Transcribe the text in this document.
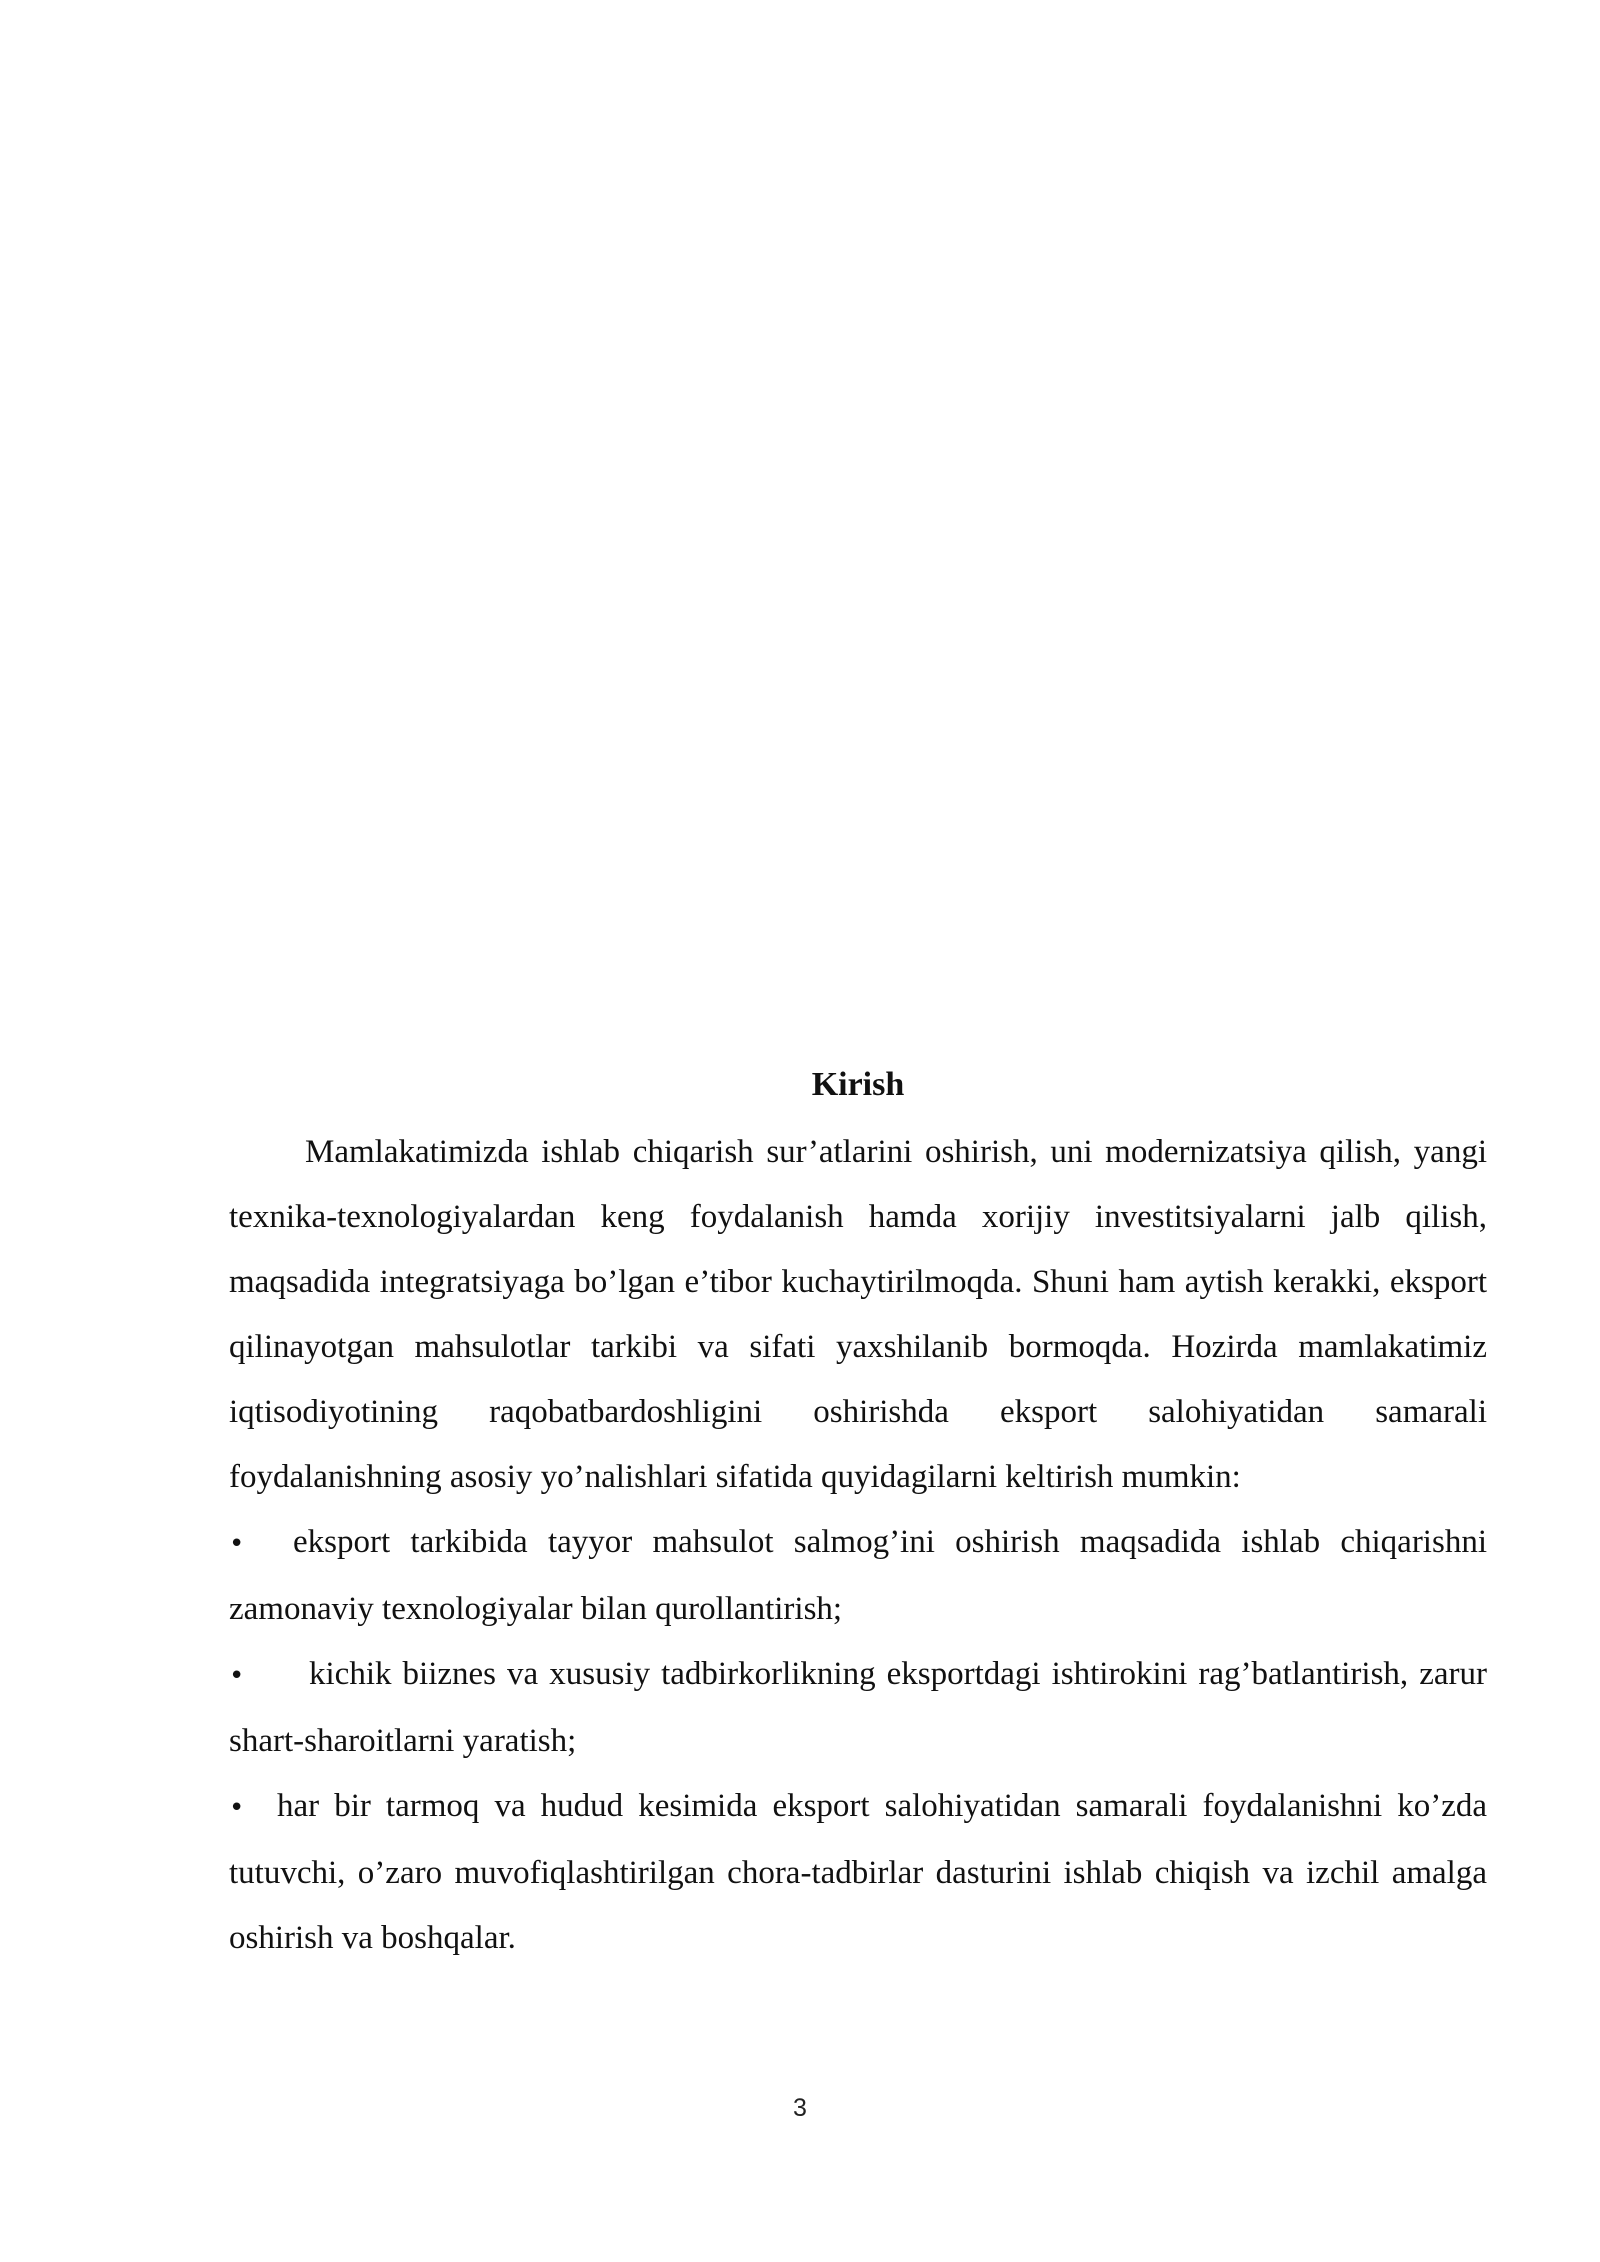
Kirish

Mamlakatimizda ishlab chiqarish sur’atlarini oshirish, uni modernizatsiya qilish, yangi texnika-texnologiyalardan keng foydalanish hamda xorijiy investitsiyalarni jalb qilish, maqsadida integratsiyaga bo’lgan e’tibor kuchaytirilmoqda. Shuni ham aytish kerakki, eksport qilinayotgan mahsulotlar tarkibi va sifati yaxshilanib bormoqda. Hozirda mamlakatimiz iqtisodiyotining raqobatbardoshligini oshirishda eksport salohiyatidan samarali foydalanishning asosiy yo’nalishlari sifatida quyidagilarni keltirish mumkin:

• eksport tarkibida tayyor mahsulot salmog’ini oshirish maqsadida ishlab chiqarishni zamonaviy texnologiyalar bilan qurollantirish;
• kichik biiznes va xususiy tadbirkorlikning eksportdagi ishtirokini rag’batlantirish, zarur shart-sharoitlarni yaratish;
• har bir tarmoq va hudud kesimida eksport salohiyatidan samarali foydalanishni ko’zda tutuvchi, o’zaro muvofiqlashtirilgan chora-tadbirlar dasturini ishlab chiqish va izchil amalga oshirish va boshqalar.
3
